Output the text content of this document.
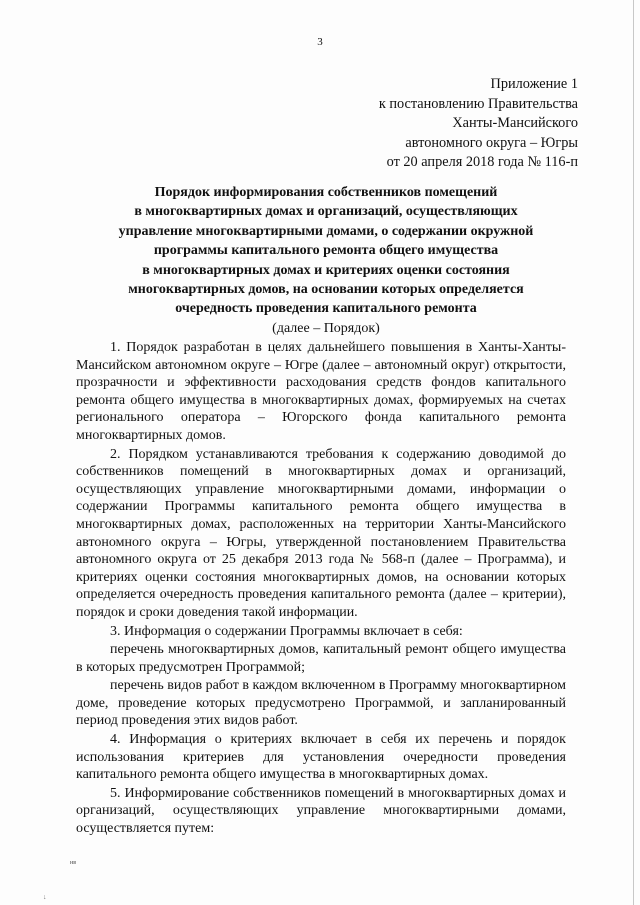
3
Приложение 1
к постановлению Правительства
Ханты-Мансийского
автономного округа – Югры
от 20 апреля 2018 года № 116-п
Порядок информирования собственников помещений
в многоквартирных домах и организаций, осуществляющих
управление многоквартирными домами, о содержании окружной
программы капитального ремонта общего имущества
в многоквартирных домах и критериях оценки состояния
многоквартирных домов, на основании которых определяется
очередность проведения капитального ремонта
(далее – Порядок)

1. Порядок разработан в целях дальнейшего повышения в Ханты-Ханты-Мансийском автономном округе – Югре (далее – автономный округ) открытости, прозрачности и эффективности расходования средств фондов капитального ремонта общего имущества в многоквартирных домах, формируемых на счетах регионального оператора – Югорского фонда капитального ремонта многоквартирных домов.

2. Порядком устанавливаются требования к содержанию доводимой до собственников помещений в многоквартирных домах и организаций, осуществляющих управление многоквартирными домами, информации о содержании Программы капитального ремонта общего имущества в многоквартирных домах, расположенных на территории Ханты-Мансийского автономного округа – Югры, утвержденной постановлением Правительства автономного округа от 25 декабря 2013 года № 568-п (далее – Программа), и критериях оценки состояния многоквартирных домов, на основании которых определяется очередность проведения капитального ремонта (далее – критерии), порядок и сроки доведения такой информации.

3. Информация о содержании Программы включает в себя:

перечень многоквартирных домов, капитальный ремонт общего имущества в которых предусмотрен Программой;

перечень видов работ в каждом включенном в Программу многоквартирном доме, проведение которых предусмотрено Программой, и запланированный период проведения этих видов работ.

4. Информация о критериях включает в себя их перечень и порядок использования критериев для установления очередности проведения капитального ремонта общего имущества в многоквартирных домах.

5. Информирование собственников помещений в многоквартирных домах и организаций, осуществляющих управление многоквартирными домами, осуществляется путем:

нв
↓
